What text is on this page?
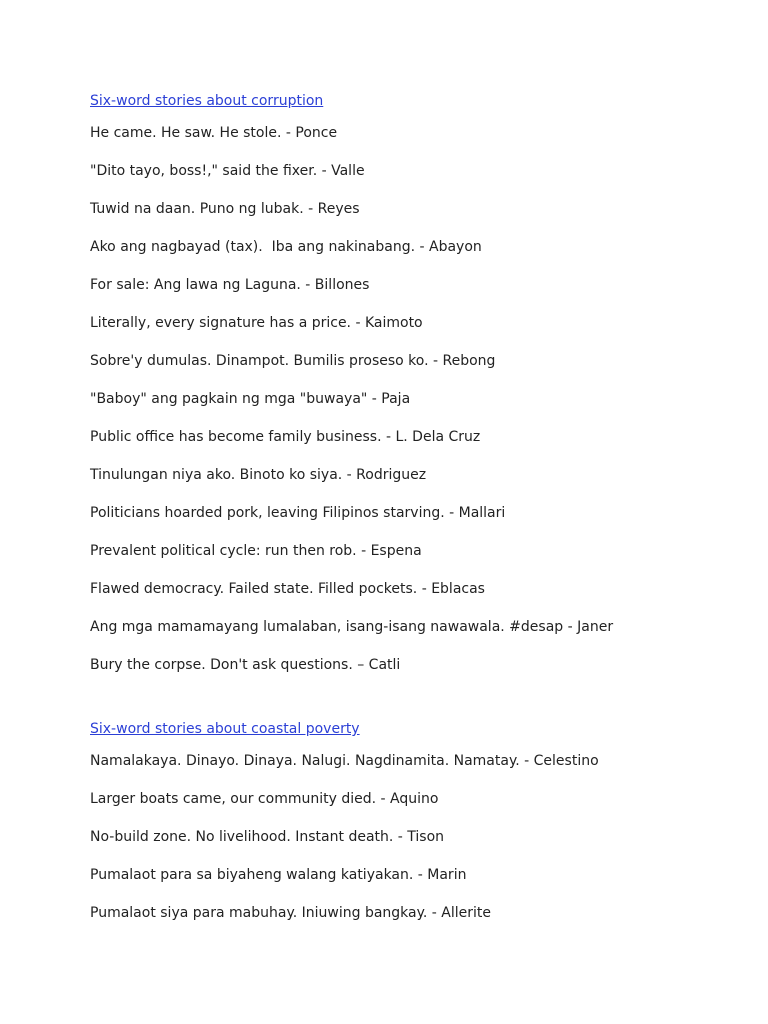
Six-word stories about corruption
He came. He saw. He stole. - Ponce
"Dito tayo, boss!," said the fixer. - Valle
Tuwid na daan. Puno ng lubak. - Reyes
Ako ang nagbayad (tax).  Iba ang nakinabang. - Abayon
For sale: Ang lawa ng Laguna. - Billones
Literally, every signature has a price. - Kaimoto
Sobre'y dumulas. Dinampot. Bumilis proseso ko. - Rebong
"Baboy" ang pagkain ng mga "buwaya" - Paja
Public office has become family business. - L. Dela Cruz
Tinulungan niya ako. Binoto ko siya. - Rodriguez
Politicians hoarded pork, leaving Filipinos starving. - Mallari
Prevalent political cycle: run then rob. - Espena
Flawed democracy. Failed state. Filled pockets. - Eblacas
Ang mga mamamayang lumalaban, isang-isang nawawala. #desap - Janer
Bury the corpse. Don't ask questions. – Catli
Six-word stories about coastal poverty
Namalakaya. Dinayo. Dinaya. Nalugi. Nagdinamita. Namatay. - Celestino
Larger boats came, our community died. - Aquino
No-build zone. No livelihood. Instant death. - Tison
Pumalaot para sa biyaheng walang katiyakan. - Marin
Pumalaot siya para mabuhay. Iniuwing bangkay. - Allerite
